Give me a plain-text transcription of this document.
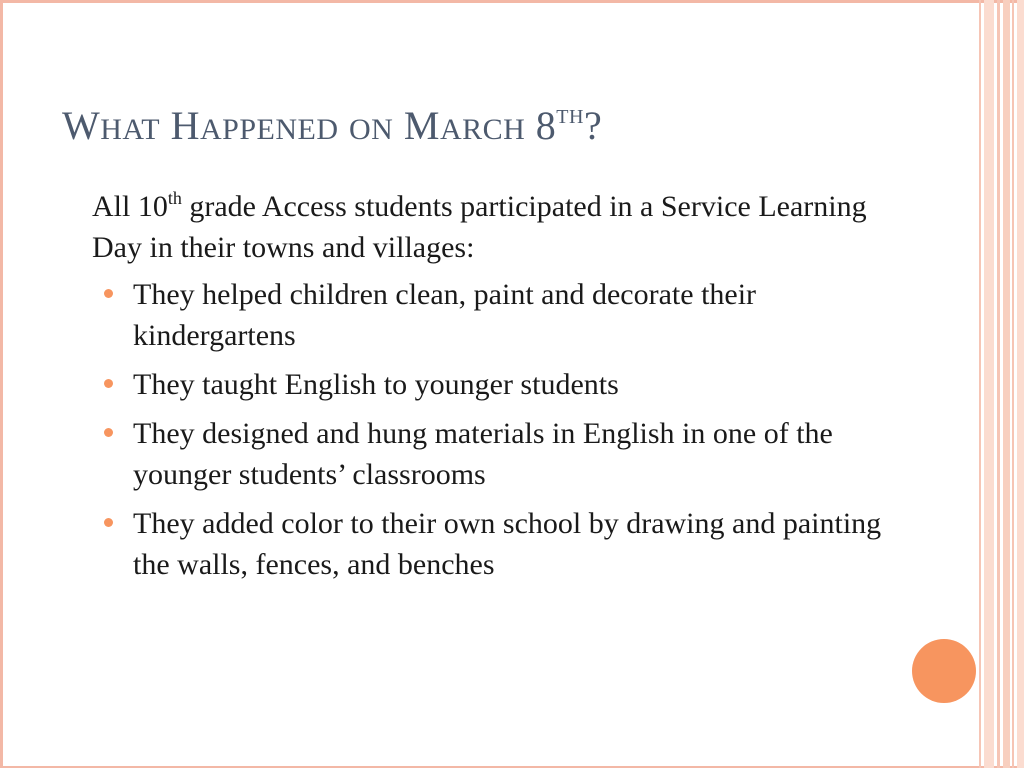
WHAT HAPPENED ON MARCH 8TH?

All 10th grade Access students participated in a Service Learning Day in their towns and villages:

They helped children clean, paint and decorate their kindergartens
They taught English to younger students
They designed and hung materials in English in one of the younger students’ classrooms
They added color to their own school by drawing and painting the walls, fences, and benches
